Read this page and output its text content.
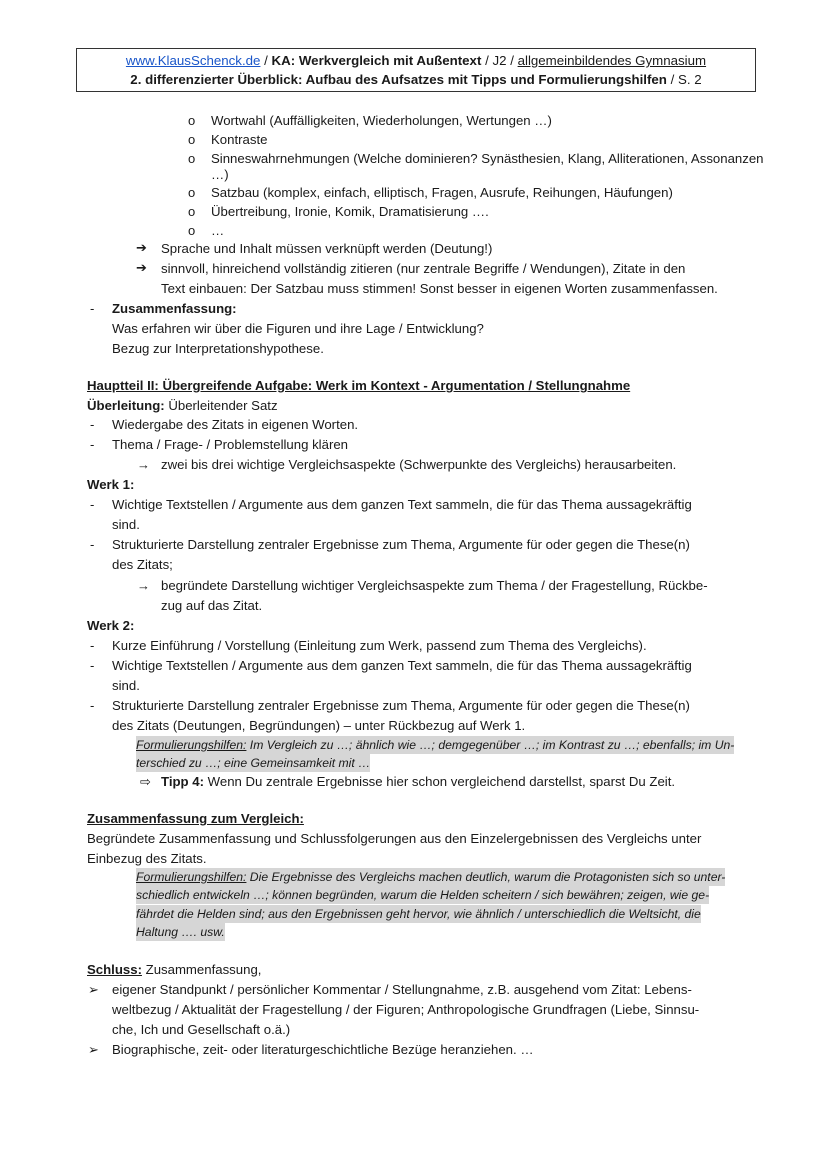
www.KlausSchenck.de / KA: Werkvergleich mit Außentext / J2 / allgemeinbildendes Gymnasium
2. differenzierter Überblick: Aufbau des Aufsatzes mit Tipps und Formulierungshilfen / S. 2
o Wortwahl (Auffälligkeiten, Wiederholungen, Wertungen …)
o Kontraste
o Sinneswahrnehmungen (Welche dominieren? Synästhesien, Klang, Alliterationen, Assonanzen
…)
o Satzbau (komplex, einfach, elliptisch, Fragen, Ausrufe, Reihungen, Häufungen)
o Übertreibung, Ironie, Komik, Dramatisierung ….
o …
➔ Sprache und Inhalt müssen verknüpft werden (Deutung!)
➔ sinnvoll, hinreichend vollständig zitieren (nur zentrale Begriffe / Wendungen), Zitate in den
Text einbauen: Der Satzbau muss stimmen! Sonst besser in eigenen Worten zusammenfassen.
- Zusammenfassung:
Was erfahren wir über die Figuren und ihre Lage / Entwicklung?
Bezug zur Interpretationshypothese.
Hauptteil II: Übergreifende Aufgabe: Werk im Kontext - Argumentation / Stellungnahme
Überleitung: Überleitender Satz
- Wiedergabe des Zitats in eigenen Worten.
- Thema / Frage- / Problemstellung klären
→ zwei bis drei wichtige Vergleichsaspekte (Schwerpunkte des Vergleichs) herausarbeiten.
Werk 1:
- Wichtige Textstellen / Argumente aus dem ganzen Text sammeln, die für das Thema aussagekräftig
sind.
- Strukturierte Darstellung zentraler Ergebnisse zum Thema, Argumente für oder gegen die These(n)
des Zitats;
→ begründete Darstellung wichtiger Vergleichsaspekte zum Thema / der Fragestellung, Rückbe-
zug auf das Zitat.
Werk 2:
- Kurze Einführung / Vorstellung (Einleitung zum Werk, passend zum Thema des Vergleichs).
- Wichtige Textstellen / Argumente aus dem ganzen Text sammeln, die für das Thema aussagekräftig
sind.
- Strukturierte Darstellung zentraler Ergebnisse zum Thema, Argumente für oder gegen die These(n)
des Zitats (Deutungen, Begründungen) – unter Rückbezug auf Werk 1.
Formulierungshilfen: Im Vergleich zu …; ähnlich wie …; demgegenüber …; im Kontrast zu …; ebenfalls; im Un-
terschied zu …; eine Gemeinsamkeit mit …
⇨ Tipp 4: Wenn Du zentrale Ergebnisse hier schon vergleichend darstellst, sparst Du Zeit.
Zusammenfassung zum Vergleich:
Begründete Zusammenfassung und Schlussfolgerungen aus den Einzelergebnissen des Vergleichs unter
Einbezug des Zitats.
Formulierungshilfen: Die Ergebnisse des Vergleichs machen deutlich, warum die Protagonisten sich so unter-
schiedlich entwickeln …; können begründen, warum die Helden scheitern / sich bewähren; zeigen, wie ge-
fährdet die Helden sind; aus den Ergebnissen geht hervor, wie ähnlich / unterschiedlich die Weltsicht, die
Haltung …. usw.
Schluss: Zusammenfassung,
➢ eigener Standpunkt / persönlicher Kommentar / Stellungnahme, z.B. ausgehend vom Zitat: Lebens-
weltbezug / Aktualität der Fragestellung / der Figuren; Anthropologische Grundfragen (Liebe, Sinnsu-
che, Ich und Gesellschaft o.ä.)
➢ Biographische, zeit- oder literaturgeschichtliche Bezüge heranziehen. …
